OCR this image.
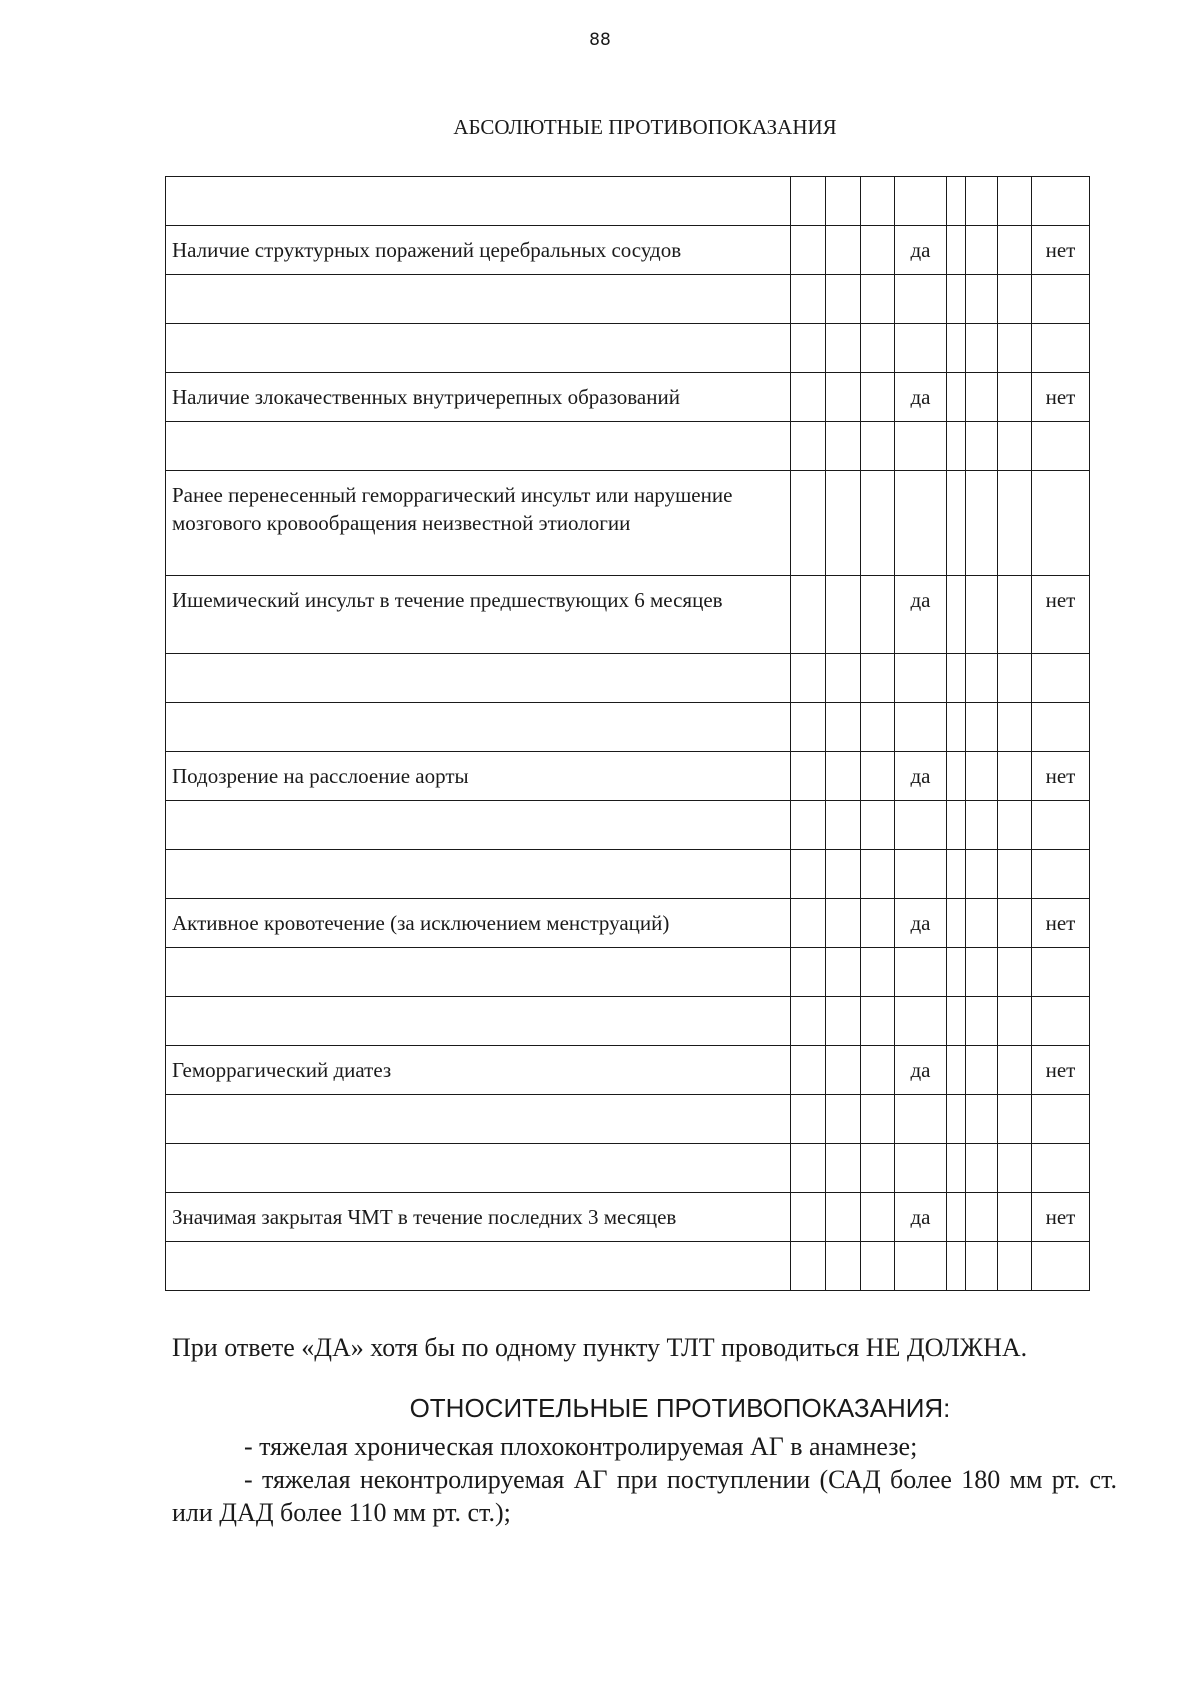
88
АБСОЛЮТНЫЕ ПРОТИВОПОКАЗАНИЯ

Наличие структурных поражений церебральных сосудов				да				нет

Наличие злокачественных внутричерепных образований				да				нет

Ранее перенесенный геморрагический инсульт или нарушение мозгового кровообращения неизвестной этиологии								
Ишемический инсульт в течение предшествующих 6 месяцев				да				нет

Подозрение на расслоение аорты				да				нет

Активное кровотечение (за исключением менструаций)				да				нет

Геморрагический диатез				да				нет

Значимая закрытая ЧМТ в течение последних 3 месяцев				да				нет

При ответе «ДА» хотя бы по одному пункту ТЛТ проводиться НЕ ДОЛЖНА.
ОТНОСИТЕЛЬНЫЕ ПРОТИВОПОКАЗАНИЯ:

- тяжелая хроническая плохоконтролируемая АГ в анамнезе;

- тяжелая неконтролируемая АГ при поступлении (САД более 180 мм рт. ст. или ДАД более 110 мм рт. ст.);
